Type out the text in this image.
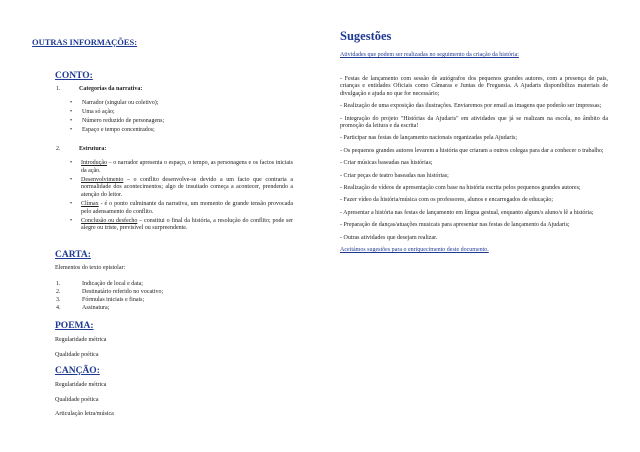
OUTRAS INFORMAÇÕES:
CONTO:
1.	Categorias da narrativa:
• Narrador (singular ou coletivo);
• Uma só ação;
• Número reduzido de personagens;
• Espaço e tempo concentrados;
2.	Estrutura:
• Introdução – o narrador apresenta o espaço, o tempo, as personagens e os factos iniciais da ação.
• Desenvolvimento – o conflito desenvolve-se devido a um facto que contraria a normalidade dos acontecimentos; algo de insuitado começa a acontecer, prendendo a atenção do leitor.
• Clímax - é o ponto culminante da narrativa, um momento de grande tensão provocada pelo adensamento do conflito.
• Conclusão ou desfecho – constitui o final da história, a resolução do conflito; pode ser alegre ou triste, previsível ou surpreendente.
CARTA:
Elementos do texto epistolar:
1.	Indicação de local e data;
2.	Destinatário referido no vocativo;
3.	Fórmulas iniciais e finais;
4.	Assinatura;
POEMA:
Regularidade métrica
Qualidade poética
CANÇÃO:
Regularidade métrica
Qualidade poética
Articulação letra/música
Sugestões
Atividades que podem ser realizadas no seguimento da criação da história:

- Festas de lançamento com sessão de autógrafos dos pequenos grandes autores, com a presença de pais, crianças e entidades Oficiais como Câmaras e Juntas de Freguesia. A Ajudaris disponibiliza materiais de divulgação e ajuda no que for necessário;

- Realização de uma exposição das ilustrações. Enviaremos por email as imagens que poderão ser impressas;

- Integração do projeto "Histórias da Ajudaris" em atividades que já se realizam na escola, no âmbito da promoção da leitura e da escrita!

- Participar nas festas de lançamento nacionais organizadas pela Ajudaris;

- Os pequenos grandes autores levarem a história que criaram a outros colegas para dar a conhecer o trabalho;

- Criar músicas baseadas nas histórias;

- Criar peças de teatro baseadas nas histórias;

- Realização de vídeos de apresentação com base na história escrita pelos pequenos grandes autores;

- Fazer vídeo da história/música com os professores, alunos e encarregados de educação;

- Apresentar a história nas festas de lançamento em língua gestual, enquanto algum/s aluno/s lê a história;

- Preparação de danças/atuações musicais para apresentar nas festas de lançamento da Ajudaris;

- Outras atividades que desejam realizar.

Aceitámos sugestões para o enriquecimento deste documento.
